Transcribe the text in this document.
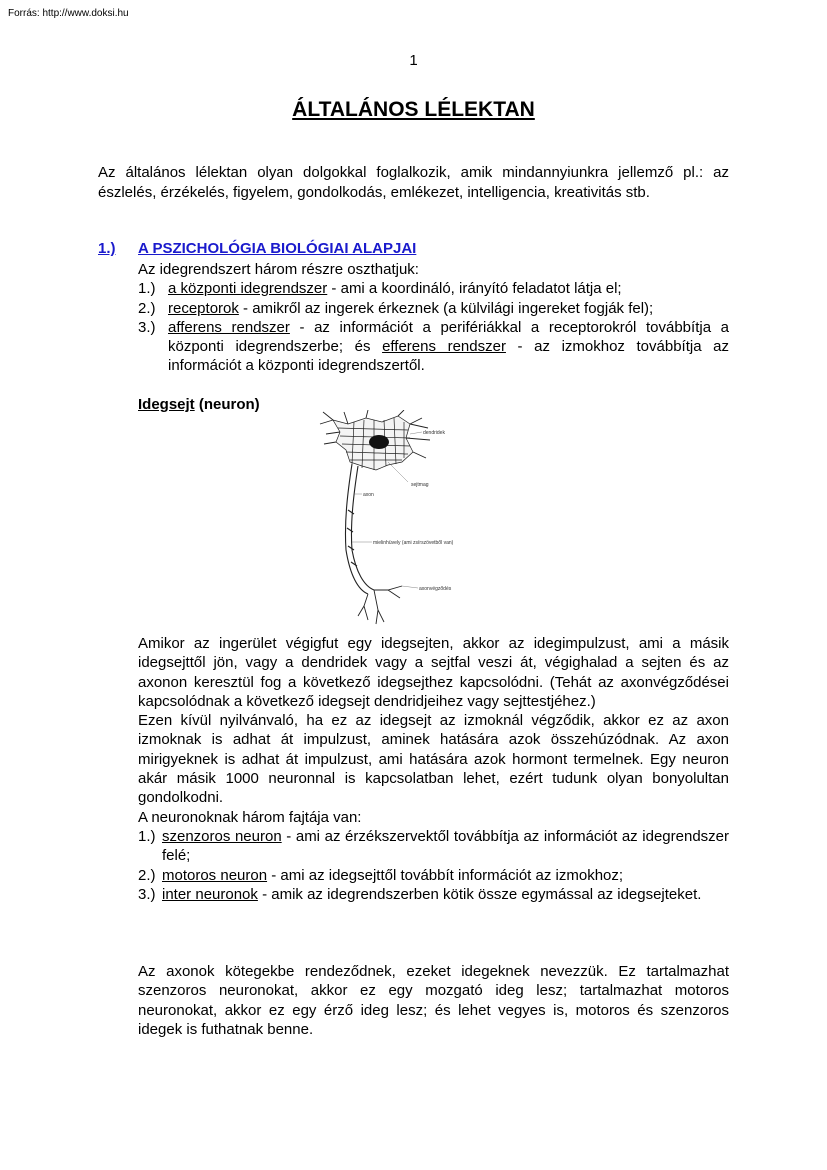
Forrás: http://www.doksi.hu
1
ÁLTALÁNOS LÉLEKTAN
Az általános lélektan olyan dolgokkal foglalkozik, amik mindannyiunkra jellemző pl.: az észlelés, érzékelés, figyelem, gondolkodás, emlékezet, intelligencia, kreativitás stb.
1.) A PSZICHOLÓGIA BIOLÓGIAI ALAPJAI
Az idegrendszert három részre oszthatjuk:
1.) a központi idegrendszer - ami a koordináló, irányító feladatot látja el;
2.) receptorok - amikről az ingerek érkeznek (a külvilági ingereket fogják fel);
3.) afferens rendszer - az információt a perifériákkal a receptorokról továbbítja a központi idegrendszerbe; és efferens rendszer - az izmokhoz továbbítja az információt a központi idegrendszertől.
Idegsejt (neuron)
dendridek
sejtmag
axon
mielinhüvely (ami zsírszövetből van)
axonvégződés
Amikor az ingerület végigfut egy idegsejten, akkor az idegimpulzust, ami a másik idegsejttől jön, vagy a dendridek vagy a sejtfal veszi át, végighalad a sejten és az axonon keresztül fog a következő idegsejthez kapcsolódni. (Tehát az axonvégződései kapcsolódnak a következő idegsejt dendridjeihez vagy sejttestjéhez.)
Ezen kívül nyilvánvaló, ha ez az idegsejt az izmoknál végződik, akkor ez az axon izmoknak is adhat át impulzust, aminek hatására azok összehúzódnak. Az axon mirigyeknek is adhat át impulzust, ami hatására azok hormont termelnek. Egy neuron akár másik 1000 neuronnal is kapcsolatban lehet, ezért tudunk olyan bonyolultan gondolkodni.
A neuronoknak három fajtája van:
1.) szenzoros neuron - ami az érzékszervektől továbbítja az információt az idegrendszer felé;
2.) motoros neuron - ami az idegsejttől továbbít információt az izmokhoz;
3.) inter neuronok - amik az idegrendszerben kötik össze egymással az idegsejteket.
Az axonok kötegekbe rendeződnek, ezeket idegeknek nevezzük. Ez tartalmazhat szenzoros neuronokat, akkor ez egy mozgató ideg lesz; tartalmazhat motoros neuronokat, akkor ez egy érző ideg lesz; és lehet vegyes is, motoros és szenzoros idegek is futhatnak benne.
